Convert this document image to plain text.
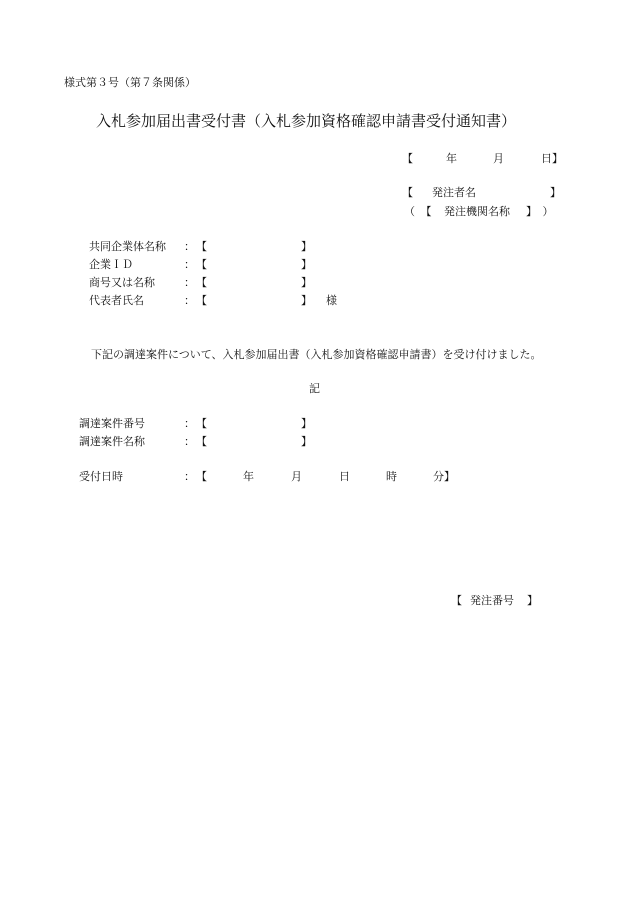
様式第３号（第７条関係）
入札参加届出書受付書（入札参加資格確認申請書受付通知書）
【	年	月	日】
【 発注者名	】
（　【 発注機関名称 】　）
共同企業体名称 ： 【	】
企業ＩＤ	： 【	】
商号又は名称	： 【	】
代表者氏名	： 【	】 様
下記の調達案件について、入札参加届出書（入札参加資格確認申請書）を受け付けました。
記
調達案件番号	： 【	】
調達案件名称	： 【	】
受付日時	： 【	年	月	日	時	分】
【 発注番号 】
